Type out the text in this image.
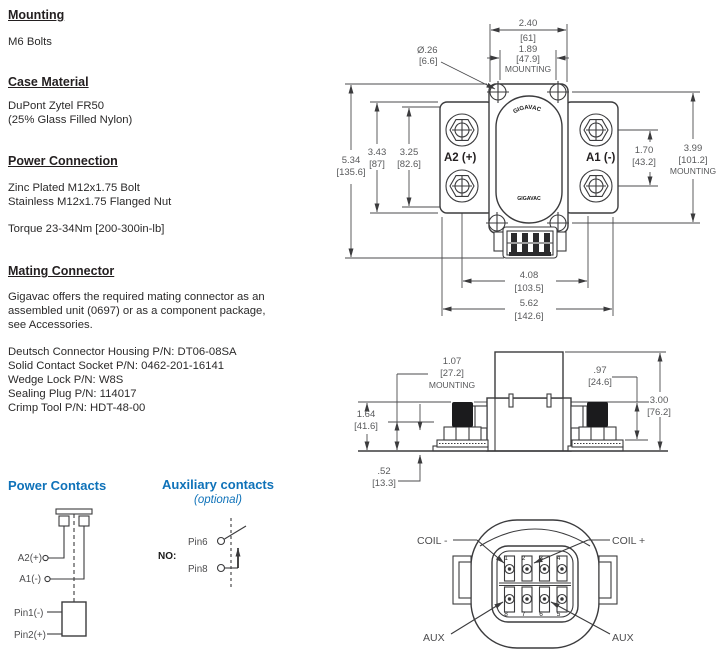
Mounting
M6 Bolts
Case Material
DuPont Zytel FR50
(25% Glass Filled Nylon)
Power Connection
Zinc Plated M12x1.75 Bolt
Stainless M12x1.75 Flanged Nut
Torque 23-34Nm [200-300in-lb]
Mating Connector
Gigavac offers the required mating connector as an
assembled unit (0697) or as a component package,
see Accessories.
Deutsch Connector Housing P/N: DT06-08SA
Solid Contact Socket P/N: 0462-201-16141
Wedge Lock P/N: W8S
Sealing Plug P/N: 114017
Crimp Tool P/N: HDT-48-00
Power Contacts	Auxiliary contacts
(optional)
GIGAVAC
GIGAVAC
A2 (+)	A1 (-)
2.40
[61]
1.89
[47.9]
MOUNTING
Ø.26
[6.6]
5.34
[135.6]
3.43
[87]
3.25
[82.6]
1.70
[43.2]
3.99
[101.2]
MOUNTING
4.08
[103.5]
5.62
[142.6]
1.64
[41.6]
1.07
[27.2]
MOUNTING
.52
[13.3]
.97
[24.6]
3.00
[76.2]
1 2 3 4
8 7 6 5
COIL -	COIL +
AUX	AUX
A2(+)
A1(-)
Pin1(-)
Pin2(+)
NO:
Pin6
Pin8
